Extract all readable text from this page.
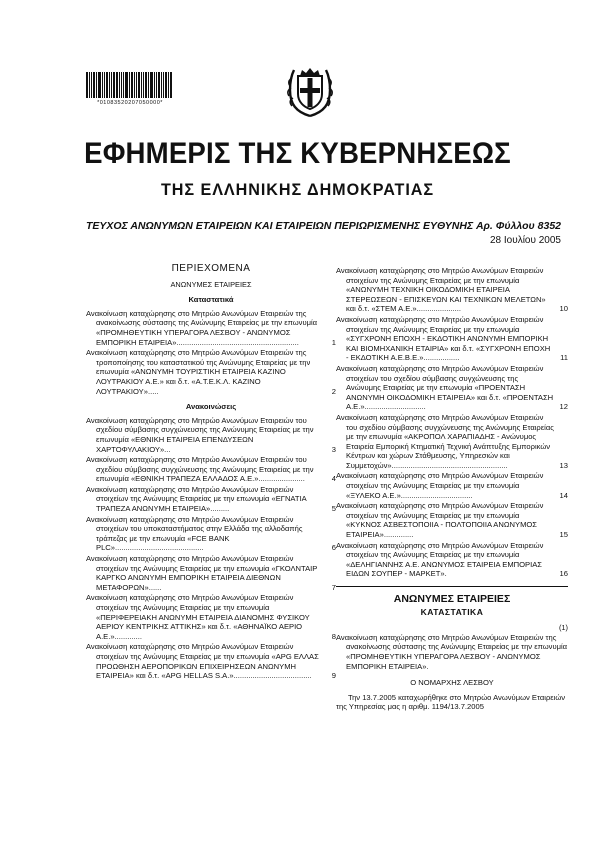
*01083520207050000*
ΕΦΗΜΕΡΙΣ ΤΗΣ ΚΥΒΕΡΝΗΣΕΩΣ
ΤΗΣ ΕΛΛΗΝΙΚΗΣ ΔΗΜΟΚΡΑΤΙΑΣ
ΤΕΥΧΟΣ ΑΝΩΝΥΜΩΝ ΕΤΑΙΡΕΙΩΝ ΚΑΙ ΕΤΑΙΡΕΙΩΝ ΠΕΡΙΩΡΙΣΜΕΝΗΣ ΕΥΘΥΝΗΣ Αρ. Φύλλου 8352
28 Ιουλίου 2005
ΠΕΡΙΕΧΟΜΕΝΑ
ΑΝΩΝΥΜΕΣ ΕΤΑΙΡΕΙΕΣ
Καταστατικά
Ανακοίνωση καταχώρησης στο Μητρώο Ανωνύμων Εταιρειών της ανακοίνωσης σύστασης της Ανώνυμης Εταιρείας με την επωνυμία «ΠΡΟΜΗΘΕΥΤΙΚΗ ΥΠΕΡΑΓΟΡΑ ΛΕΣΒΟΥ - ΑΝΩΝΥΜΟΣ ΕΜΠΟΡΙΚΗ ΕΤΑΙΡΕΙΑ»..........................................................	1
Ανακοίνωση καταχώρησης στο Μητρώο Ανωνύμων Εταιρειών της τροποποίησης του καταστατικού της Ανώνυμης Εταιρείας με την επωνυμία «ΑΝΩΝΥΜΗ ΤΟΥΡΙΣΤΙΚΗ ΕΤΑΙΡΕΙΑ ΚΑΖΙΝΟ ΛΟΥΤΡΑΚΙΟΥ Α.Ε.» και δ.τ. «Α.Τ.Ε.Κ.Λ. ΚΑΖΙΝΟ ΛΟΥΤΡΑΚΙΟΥ».....	2
Ανακοινώσεις
Ανακοίνωση καταχώρησης στο Μητρώο Ανωνύμων Εταιρειών του σχεδίου σύμβασης συγχώνευσης της Ανώνυμης Εταιρείας με την επωνυμία «ΕΘΝΙΚΗ ΕΤΑΙΡΕΙΑ ΕΠΕΝΔΥΣΕΩΝ ΧΑΡΤΟΦΥΛΑΚΙΟΥ»...	3
Ανακοίνωση καταχώρησης στο Μητρώο Ανωνύμων Εταιρειών του σχεδίου σύμβασης συγχώνευσης της Ανώνυμης Εταιρείας με την επωνυμία «ΕΘΝΙΚΗ ΤΡΑΠΕΖΑ ΕΛΛΑΔΟΣ Α.Ε.»......................	4
Ανακοίνωση καταχώρησης στο Μητρώο Ανωνύμων Εταιρειών στοιχείων της Ανώνυμης Εταιρείας με την επωνυμία «ΕΓΝΑΤΙΑ ΤΡΑΠΕΖΑ ΑΝΩΝΥΜΗ ΕΤΑΙΡΕΙΑ».........	5
Ανακοίνωση καταχώρησης στο Μητρώο Ανωνύμων Εταιρειών στοιχείων του υποκαταστήματος στην Ελλάδα της αλλοδαπής τράπεζας με την επωνυμία «FCE BANK PLC»..........................................	6
Ανακοίνωση καταχώρησης στο Μητρώο Ανωνύμων Εταιρειών στοιχείων της Ανώνυμης Εταιρείας με την επωνυμία «ΓΚΟΛΝΤΑΙΡ ΚΑΡΓΚΟ ΑΝΩΝΥΜΗ ΕΜΠΟΡΙΚΗ ΕΤΑΙΡΕΙΑ ΔΙΕΘΝΩΝ ΜΕΤΑΦΟΡΩΝ»......	7
Ανακοίνωση καταχώρησης στο Μητρώο Ανωνύμων Εταιρειών στοιχείων της Ανώνυμης Εταιρείας με την επωνυμία «ΠΕΡΙΦΕΡΕΙΑΚΗ ΑΝΩΝΥΜΗ ΕΤΑΙΡΕΙΑ ΔΙΑΝΟΜΗΣ ΦΥΣΙΚΟΥ ΑΕΡΙΟΥ ΚΕΝΤΡΙΚΗΣ ΑΤΤΙΚΗΣ» και δ.τ. «ΑΘΗΝΑΪΚΟ ΑΕΡΙΟ Α.Ε.».............	8
Ανακοίνωση καταχώρησης στο Μητρώο Ανωνύμων Εταιρειών στοιχείων της Ανώνυμης Εταιρείας με την επωνυμία «APG ΕΛΛΑΣ ΠΡΟΩΘΗΣΗ ΑΕΡΟΠΟΡΙΚΩΝ ΕΠΙΧΕΙΡΗΣΕΩΝ ΑΝΩΝΥΜΗ ΕΤΑΙΡΕΙΑ» και δ.τ. «APG HELLAS S.A.».....................................	9
Ανακοίνωση καταχώρησης στο Μητρώο Ανωνύμων Εταιρειών στοιχείων της Ανώνυμης Εταιρείας με την επωνυμία «ΑΝΩΝΥΜΗ ΤΕΧΝΙΚΗ ΟΙΚΟΔΟΜΙΚΗ ΕΤΑΙΡΕΙΑ ΣΤΕΡΕΩΣΕΩΝ - ΕΠΙΣΚΕΥΩΝ ΚΑΙ ΤΕΧΝΙΚΩΝ ΜΕΛΕΤΩΝ» και δ.τ. «ΣΤΕΜ Α.Ε.».....................	10
Ανακοίνωση καταχώρησης στο Μητρώο Ανωνύμων Εταιρειών στοιχείων της Ανώνυμης Εταιρείας με την επωνυμία «ΣΥΓΧΡΟΝΗ ΕΠΟΧΗ - ΕΚΔΟΤΙΚΗ ΑΝΩΝΥΜΗ ΕΜΠΟΡΙΚΗ ΚΑΙ ΒΙΟΜΗΧΑΝΙΚΗ ΕΤΑΙΡΙΑ» και δ.τ. «ΣΥΓΧΡΟΝΗ ΕΠΟΧΗ - ΕΚΔΟΤΙΚΗ Α.Ε.Β.Ε.».................	11
Ανακοίνωση καταχώρησης στο Μητρώο Ανωνύμων Εταιρειών στοιχείων του σχεδίου σύμβασης συγχώνευσης της Ανώνυμης Εταιρείας με την επωνυμία «ΠΡΟΕΝΤΑΣΗ ΑΝΩΝΥΜΗ ΟΙΚΟΔΟΜΙΚΗ ΕΤΑΙΡΕΙΑ» και δ.τ. «ΠΡΟΕΝΤΑΣΗ Α.Ε.».............................	12
Ανακοίνωση καταχώρησης στο Μητρώο Ανωνύμων Εταιρειών του σχεδίου σύμβασης συγχώνευσης της Ανώνυμης Εταιρείας με την επωνυμία «ΑΚΡΟΠΟΛ ΧΑΡΑΠΙΑΔΗΣ - Ανώνυμος Εταιρεία Εμπορική Κτηματική Τεχνική Ανάπτυξης Εμπορικών Κέντρων και χώρων Στάθμευσης, Υπηρεσιών και Συμμετοχών».......................................................	13
Ανακοίνωση καταχώρησης στο Μητρώο Ανωνύμων Εταιρειών στοιχείων της Ανώνυμης Εταιρείας με την επωνυμία «ΞΥΛΕΚΟ Α.Ε.»..................................	14
Ανακοίνωση καταχώρησης στο Μητρώο Ανωνύμων Εταιρειών στοιχείων της Ανώνυμης Εταιρείας με την επωνυμία «ΚΥΚΝΟΣ ΑΣΒΕΣΤΟΠΟΙΙΑ - ΠΟΛΤΟΠΟΙΙΑ ΑΝΩΝΥΜΟΣ ΕΤΑΙΡΕΙΑ»..............	15
Ανακοίνωση καταχώρησης στο Μητρώο Ανωνύμων Εταιρειών στοιχείων της Ανώνυμης Εταιρείας με την επωνυμία «ΔΕΛΗΓΙΑΝΝΗΣ Α.Ε. ΑΝΩΝΥΜΟΣ ΕΤΑΙΡΕΙΑ ΕΜΠΟΡΙΑΣ ΕΙΔΩΝ ΣΟΥΠΕΡ - ΜΑΡΚΕΤ».	16
ΑΝΩΝΥΜΕΣ ΕΤΑΙΡΕΙΕΣ
ΚΑΤΑΣΤΑΤΙΚΑ
(1)
Ανακοίνωση καταχώρησης στο Μητρώο Ανωνύμων Εταιρειών της ανακοίνωσης σύστασης της Ανώνυμης Εταιρείας με την επωνυμία «ΠΡΟΜΗΘΕΥΤΙΚΗ ΥΠΕΡΑΓΟΡΑ ΛΕΣΒΟΥ - ΑΝΩΝΥΜΟΣ ΕΜΠΟΡΙΚΗ ΕΤΑΙΡΕΙΑ».
Ο ΝΟΜΑΡΧΗΣ ΛΕΣΒΟΥ
Την 13.7.2005 καταχωρήθηκε στο Μητρώο Ανωνύμων Εταιρειών της Υπηρεσίας μας η αριθμ. 1194/13.7.2005
